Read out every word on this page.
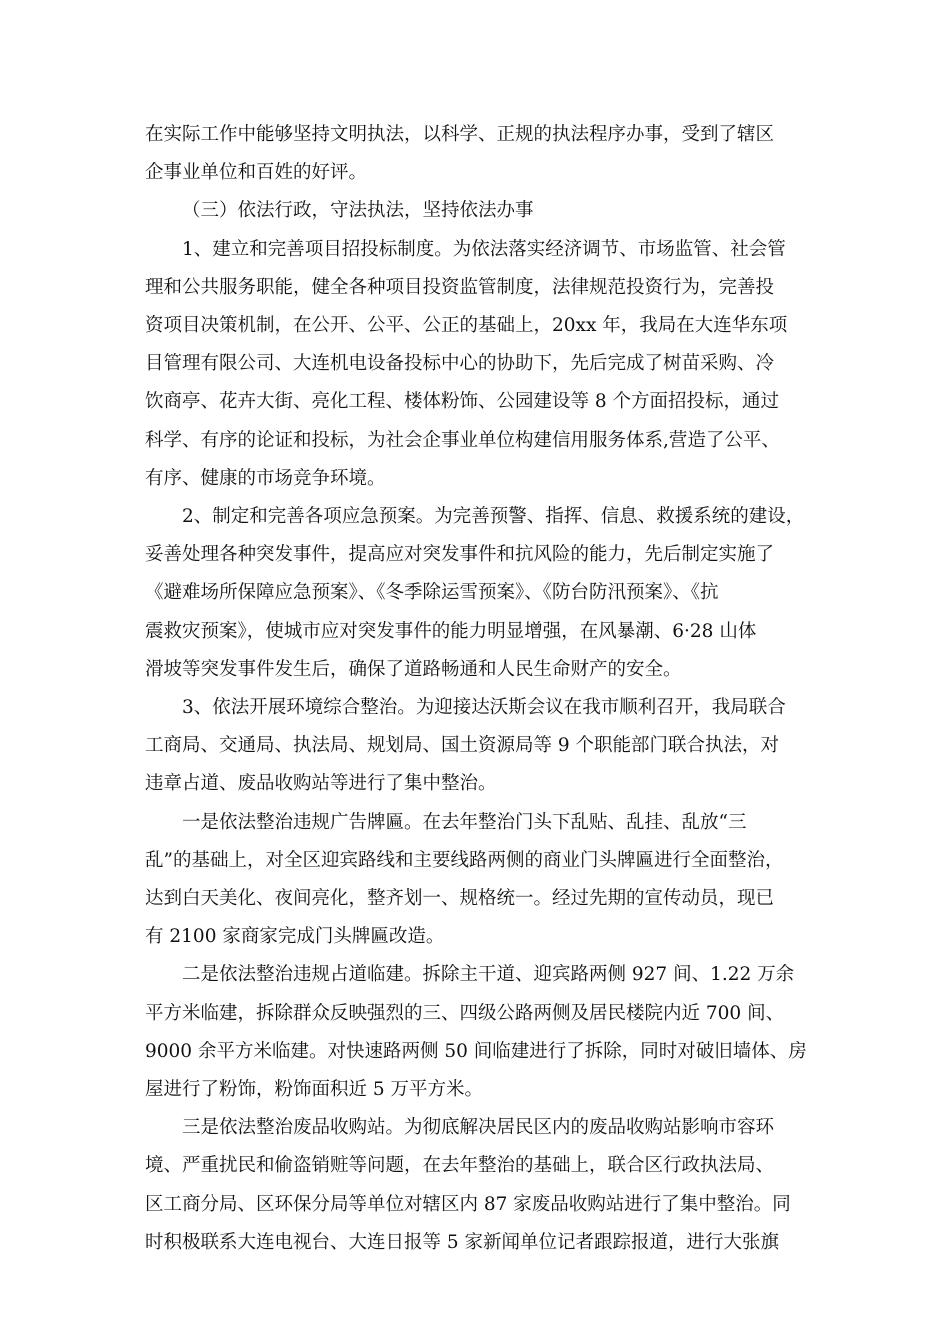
在实际工作中能够坚持文明执法，以科学、正规的执法程序办事，受到了辖区
企事业单位和百姓的好评。

（三）依法行政，守法执法，坚持依法办事

1、建立和完善项目招投标制度。为依法落实经济调节、市场监管、社会管
理和公共服务职能，健全各种项目投资监管制度，法律规范投资行为，完善投
资项目决策机制，在公开、公平、公正的基础上，20xx 年，我局在大连华东项
目管理有限公司、大连机电设备投标中心的协助下，先后完成了树苗采购、冷
饮商亭、花卉大街、亮化工程、楼体粉饰、公园建设等 8 个方面招投标，通过
科学、有序的论证和投标，为社会企事业单位构建信用服务体系,营造了公平、
有序、健康的市场竞争环境。

2、制定和完善各项应急预案。为完善预警、指挥、信息、救援系统的建设，
妥善处理各种突发事件，提高应对突发事件和抗风险的能力，先后制定实施了
《避难场所保障应急预案》、《冬季除运雪预案》、《防台防汛预案》、《抗
震救灾预案》，使城市应对突发事件的能力明显增强，在风暴潮、6·28 山体
滑坡等突发事件发生后，确保了道路畅通和人民生命财产的安全。

3、依法开展环境综合整治。为迎接达沃斯会议在我市顺利召开，我局联合
工商局、交通局、执法局、规划局、国土资源局等 9 个职能部门联合执法，对
违章占道、废品收购站等进行了集中整治。

一是依法整治违规广告牌匾。在去年整治门头下乱贴、乱挂、乱放“三
乱”的基础上，对全区迎宾路线和主要线路两侧的商业门头牌匾进行全面整治，
达到白天美化、夜间亮化，整齐划一、规格统一。经过先期的宣传动员，现已
有 2100 家商家完成门头牌匾改造。

二是依法整治违规占道临建。拆除主干道、迎宾路两侧 927 间、1.22 万余
平方米临建，拆除群众反映强烈的三、四级公路两侧及居民楼院内近 700 间、
9000 余平方米临建。对快速路两侧 50 间临建进行了拆除，同时对破旧墙体、房
屋进行了粉饰，粉饰面积近 5 万平方米。

三是依法整治废品收购站。为彻底解决居民区内的废品收购站影响市容环
境、严重扰民和偷盗销赃等问题，在去年整治的基础上，联合区行政执法局、
区工商分局、区环保分局等单位对辖区内 87 家废品收购站进行了集中整治。同
时积极联系大连电视台、大连日报等 5 家新闻单位记者跟踪报道，进行大张旗
